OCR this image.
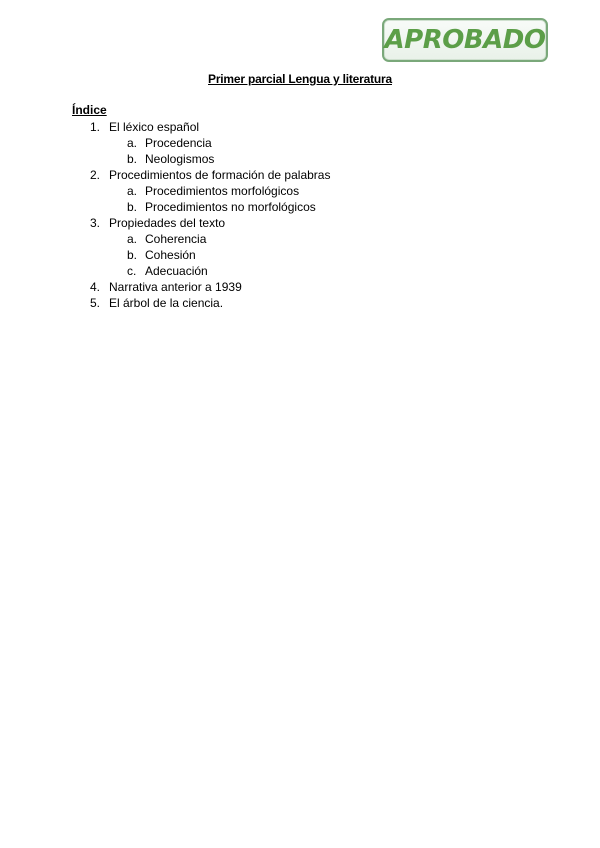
APROBADO
Primer parcial Lengua y literatura
Índice
1. El léxico español
a. Procedencia
b. Neologismos
2. Procedimientos de formación de palabras
a. Procedimientos morfológicos
b. Procedimientos no morfológicos
3. Propiedades del texto
a. Coherencia
b. Cohesión
c. Adecuación
4. Narrativa anterior a 1939
5. El árbol de la ciencia.
